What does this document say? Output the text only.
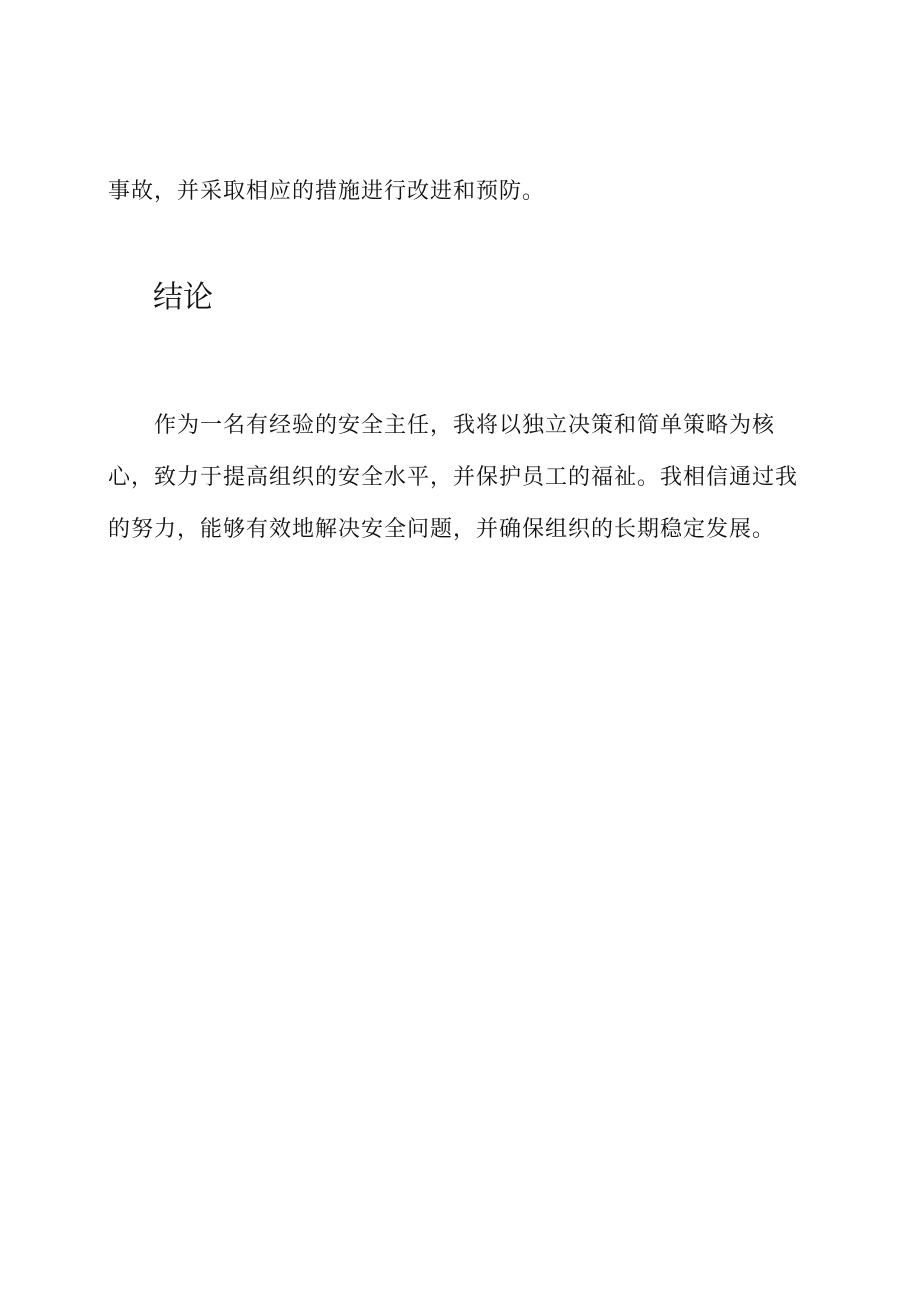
事故，并采取相应的措施进行改进和预防。

结论

作为一名有经验的安全主任，我将以独立决策和简单策略为核心，致力于提高组织的安全水平，并保护员工的福祉。我相信通过我的努力，能够有效地解决安全问题，并确保组织的长期稳定发展。
